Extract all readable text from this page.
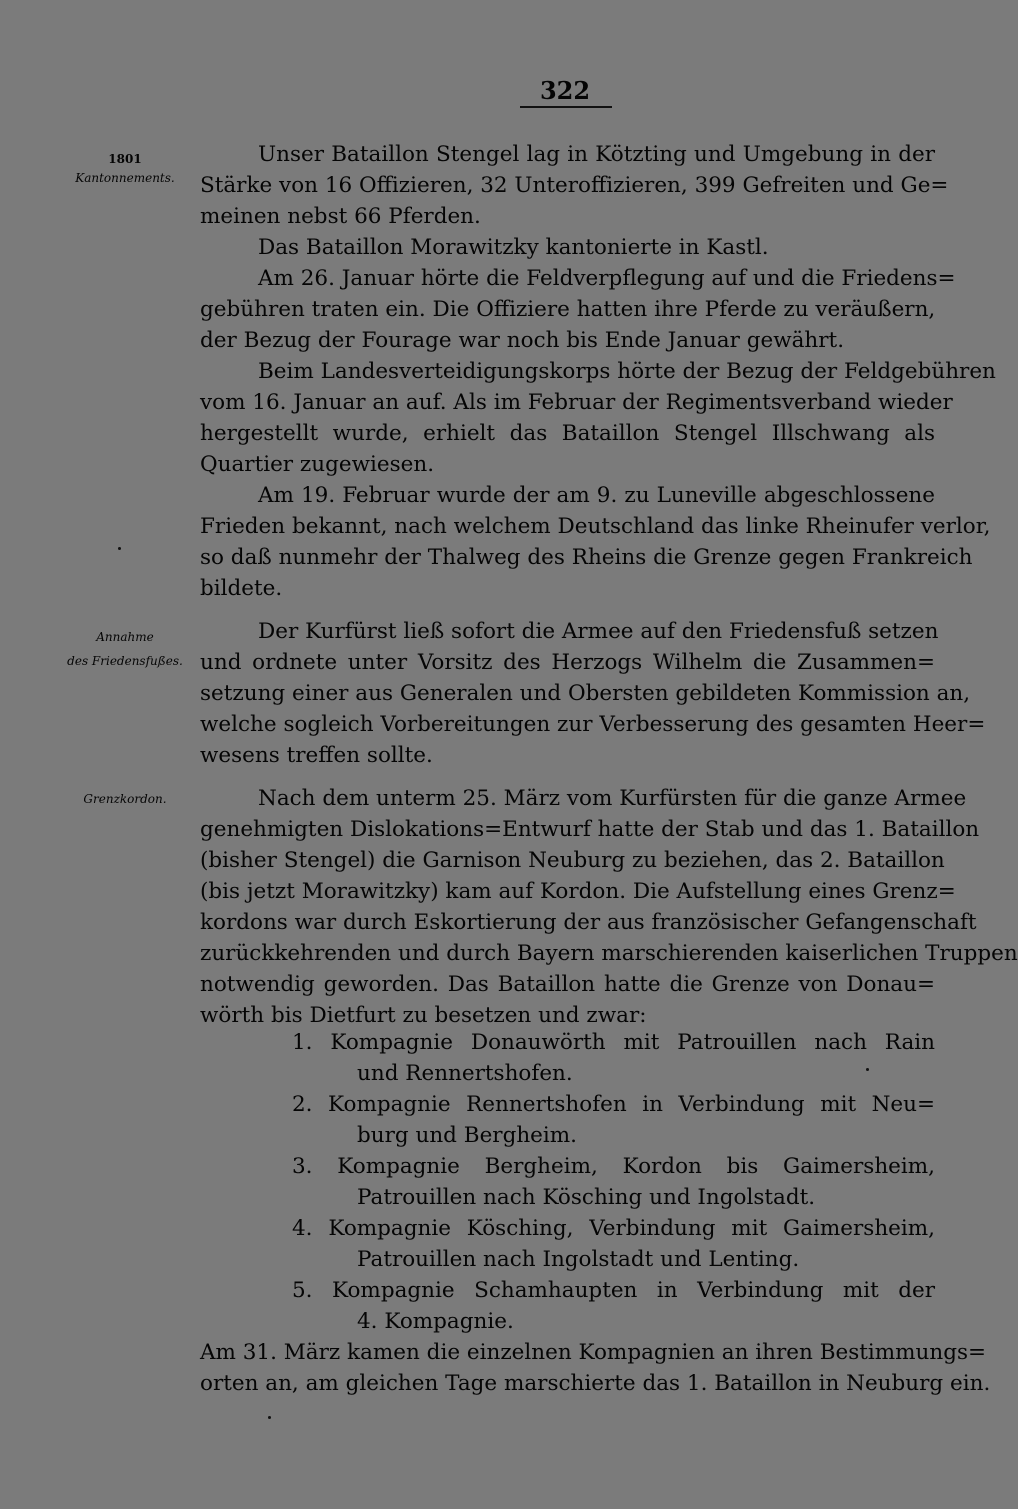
322
1801
Kantonnements.
Annahme
des Friedensfußes.
Grenzkordon.
Unser Bataillon Stengel lag in Kötzting und Umgebung in der
Stärke von 16 Offizieren, 32 Unteroffizieren, 399 Gefreiten und Ge=
meinen nebst 66 Pferden.
Das Bataillon Morawitzky kantonierte in Kastl.
Am 26. Januar hörte die Feldverpflegung auf und die Friedens=
gebühren traten ein. Die Offiziere hatten ihre Pferde zu veräußern,
der Bezug der Fourage war noch bis Ende Januar gewährt.
Beim Landesverteidigungskorps hörte der Bezug der Feldgebühren
vom 16. Januar an auf. Als im Februar der Regimentsverband wieder
hergestellt wurde, erhielt das Bataillon Stengel Illschwang als
Quartier zugewiesen.
Am 19. Februar wurde der am 9. zu Luneville abgeschlossene
Frieden bekannt, nach welchem Deutschland das linke Rheinufer verlor,
so daß nunmehr der Thalweg des Rheins die Grenze gegen Frankreich
bildete.
Der Kurfürst ließ sofort die Armee auf den Friedensfuß setzen
und ordnete unter Vorsitz des Herzogs Wilhelm die Zusammen=
setzung einer aus Generalen und Obersten gebildeten Kommission an,
welche sogleich Vorbereitungen zur Verbesserung des gesamten Heer=
wesens treffen sollte.
Nach dem unterm 25. März vom Kurfürsten für die ganze Armee
genehmigten Dislokations=Entwurf hatte der Stab und das 1. Bataillon
(bisher Stengel) die Garnison Neuburg zu beziehen, das 2. Bataillon
(bis jetzt Morawitzky) kam auf Kordon. Die Aufstellung eines Grenz=
kordons war durch Eskortierung der aus französischer Gefangenschaft
zurückkehrenden und durch Bayern marschierenden kaiserlichen Truppen
notwendig geworden. Das Bataillon hatte die Grenze von Donau=
wörth bis Dietfurt zu besetzen und zwar:
1. Kompagnie Donauwörth mit Patrouillen nach Rain
und Rennertshofen.
2. Kompagnie Rennertshofen in Verbindung mit Neu=
burg und Bergheim.
3. Kompagnie Bergheim, Kordon bis Gaimersheim,
Patrouillen nach Kösching und Ingolstadt.
4. Kompagnie Kösching, Verbindung mit Gaimersheim,
Patrouillen nach Ingolstadt und Lenting.
5. Kompagnie Schamhaupten in Verbindung mit der
4. Kompagnie.
Am 31. März kamen die einzelnen Kompagnien an ihren Bestimmungs=
orten an, am gleichen Tage marschierte das 1. Bataillon in Neuburg ein.
